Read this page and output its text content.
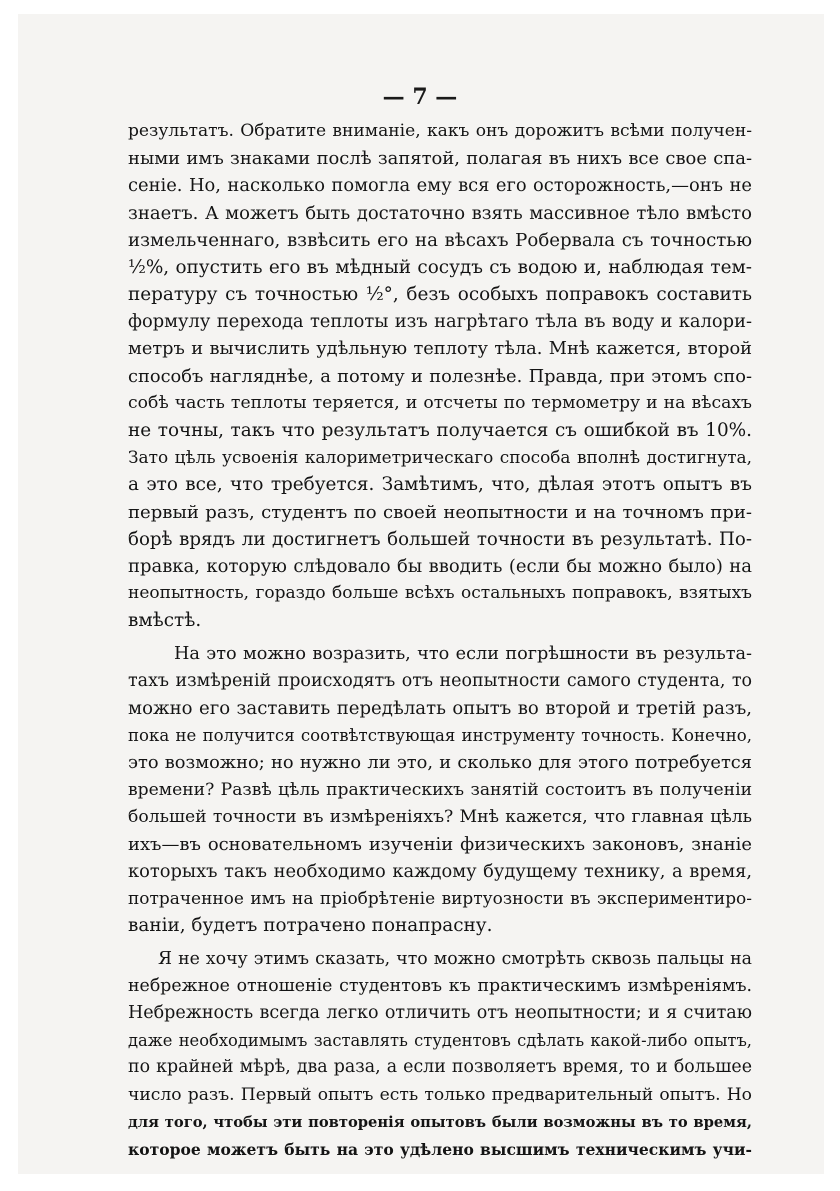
— 7 —
результатъ. Обратите вниманіе, какъ онъ дорожитъ всѣми получен-
ными имъ знаками послѣ запятой, полагая въ нихъ все свое спа-
сеніе. Но, насколько помогла ему вся его осторожность,—онъ не
знаетъ. А можетъ быть достаточно взять массивное тѣло вмѣсто
измельченнаго, взвѣсить его на вѣсахъ Робервала съ точностью
½%, опустить его въ мѣдный сосудъ съ водою и, наблюдая тем-
пературу съ точностью ½°, безъ особыхъ поправокъ составить
формулу перехода теплоты изъ нагрѣтаго тѣла въ воду и калори-
метръ и вычислить удѣльную теплоту тѣла. Мнѣ кажется, второй
способъ нагляднѣе, а потому и полезнѣе. Правда, при этомъ спо-
собѣ часть теплоты теряется, и отсчеты по термометру и на вѣсахъ
не точны, такъ что результатъ получается съ ошибкой въ 10%.
Зато цѣль усвоенія калориметрическаго способа вполнѣ достигнута,
а это все, что требуется. Замѣтимъ, что, дѣлая этотъ опытъ въ
первый разъ, студентъ по своей неопытности и на точномъ при-
борѣ врядъ ли достигнетъ большей точности въ результатѣ. По-
правка, которую слѣдовало бы вводить (если бы можно было) на
неопытность, гораздо больше всѣхъ остальныхъ поправокъ, взятыхъ
вмѣстѣ.
На это можно возразить, что если погрѣшности въ результа-
тахъ измѣреній происходятъ отъ неопытности самого студента, то
можно его заставить передѣлать опытъ во второй и третій разъ,
пока не получится соотвѣтствующая инструменту точность. Конечно,
это возможно; но нужно ли это, и сколько для этого потребуется
времени? Развѣ цѣль практическихъ занятій состоитъ въ полученіи
большей точности въ измѣреніяхъ? Мнѣ кажется, что главная цѣль
ихъ—въ основательномъ изученіи физическихъ законовъ, знаніе
которыхъ такъ необходимо каждому будущему технику, а время,
потраченное имъ на пріобрѣтеніе виртуозности въ экспериментиро-
ваніи, будетъ потрачено понапрасну.
Я не хочу этимъ сказать, что можно смотрѣть сквозь пальцы на
небрежное отношеніе студентовъ къ практическимъ измѣреніямъ.
Небрежность всегда легко отличить отъ неопытности; и я считаю
даже необходимымъ заставлять студентовъ сдѣлать какой-либо опытъ,
по крайней мѣрѣ, два раза, а если позволяетъ время, то и большее
число разъ. Первый опытъ есть только предварительный опытъ. Но
для того, чтобы эти повторенія опытовъ были возможны въ то время,
которое можетъ быть на это удѣлено высшимъ техническимъ учи-
